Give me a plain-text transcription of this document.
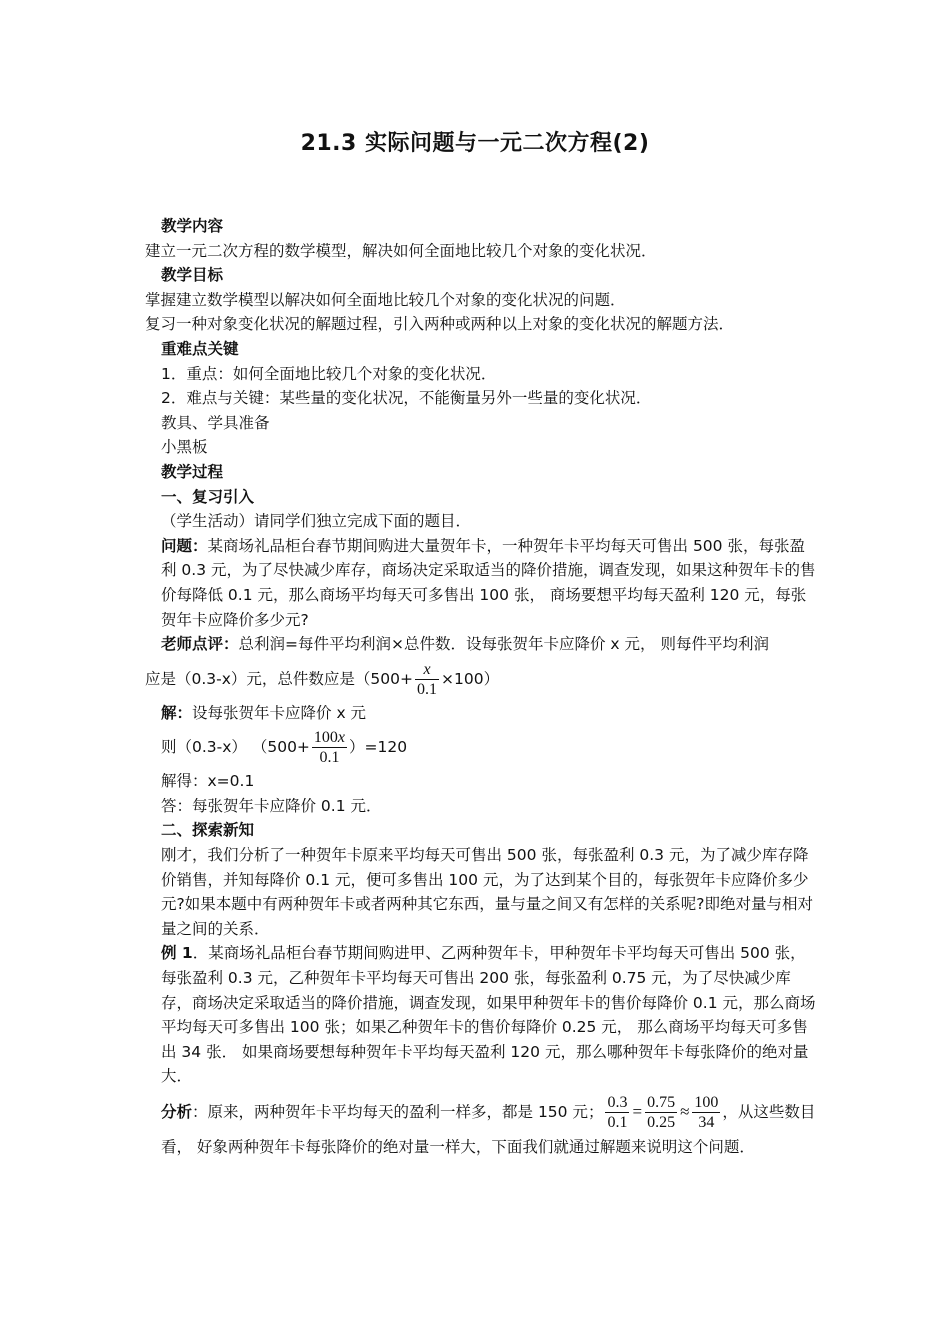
21.3 实际问题与一元二次方程(2)

教学内容

建立一元二次方程的数学模型，解决如何全面地比较几个对象的变化状况．

教学目标

掌握建立数学模型以解决如何全面地比较几个对象的变化状况的问题．

复习一种对象变化状况的解题过程，引入两种或两种以上对象的变化状况的解题方法．

重难点关键

1．重点：如何全面地比较几个对象的变化状况．

2．难点与关键：某些量的变化状况，不能衡量另外一些量的变化状况．

教具、学具准备

小黑板

教学过程

一、复习引入

（学生活动）请同学们独立完成下面的题目．

问题：某商场礼品柜台春节期间购进大量贺年卡，一种贺年卡平均每天可售出 500 张，每张盈利 0.3 元，为了尽快减少库存，商场决定采取适当的降价措施，调查发现，如果这种贺年卡的售价每降低 0.1 元，那么商场平均每天可多售出 100 张， 商场要想平均每天盈利 120 元，每张贺年卡应降价多少元?

老师点评：总利润=每件平均利润×总件数．设每张贺年卡应降价 x 元， 则每件平均利润

应是（0.3-x）元，总件数应是$(500+ \frac{x}{0.1} \times 100)$

解：设每张贺年卡应降价 x 元

则（0.3-x） $(500+ \frac{100x}{0.1} )=120$

解得：x=0.1

答：每张贺年卡应降价 0.1 元．

二、探索新知

刚才，我们分析了一种贺年卡原来平均每天可售出 500 张，每张盈利 0.3 元，为了减少库存降价销售，并知每降价 0.1 元，便可多售出 100 元，为了达到某个目的，每张贺年卡应降价多少元?如果本题中有两种贺年卡或者两种其它东西，量与量之间又有怎样的关系呢?即绝对量与相对量之间的关系．

例 1．某商场礼品柜台春节期间购进甲、乙两种贺年卡，甲种贺年卡平均每天可售出 500 张，每张盈利 0.3 元，乙种贺年卡平均每天可售出 200 张，每张盈利 0.75 元，为了尽快减少库存，商场决定采取适当的降价措施，调查发现，如果甲种贺年卡的售价每降价 0.1 元，那么商场平均每天可多售出 100 张；如果乙种贺年卡的售价每降价 0.25 元， 那么商场平均每天可多售出 34 张． 如果商场要想每种贺年卡平均每天盈利 120 元，那么哪种贺年卡每张降价的绝对量大．

分析：原来，两种贺年卡平均每天的盈利一样多，都是 150 元； $\frac{0.3}{0.1} = \frac{0.75}{0.25} \approx \frac{100}{34}$ ，从这些数目看， 好象两种贺年卡每张降价的绝对量一样大，下面我们就通过解题来说明这个问题．
